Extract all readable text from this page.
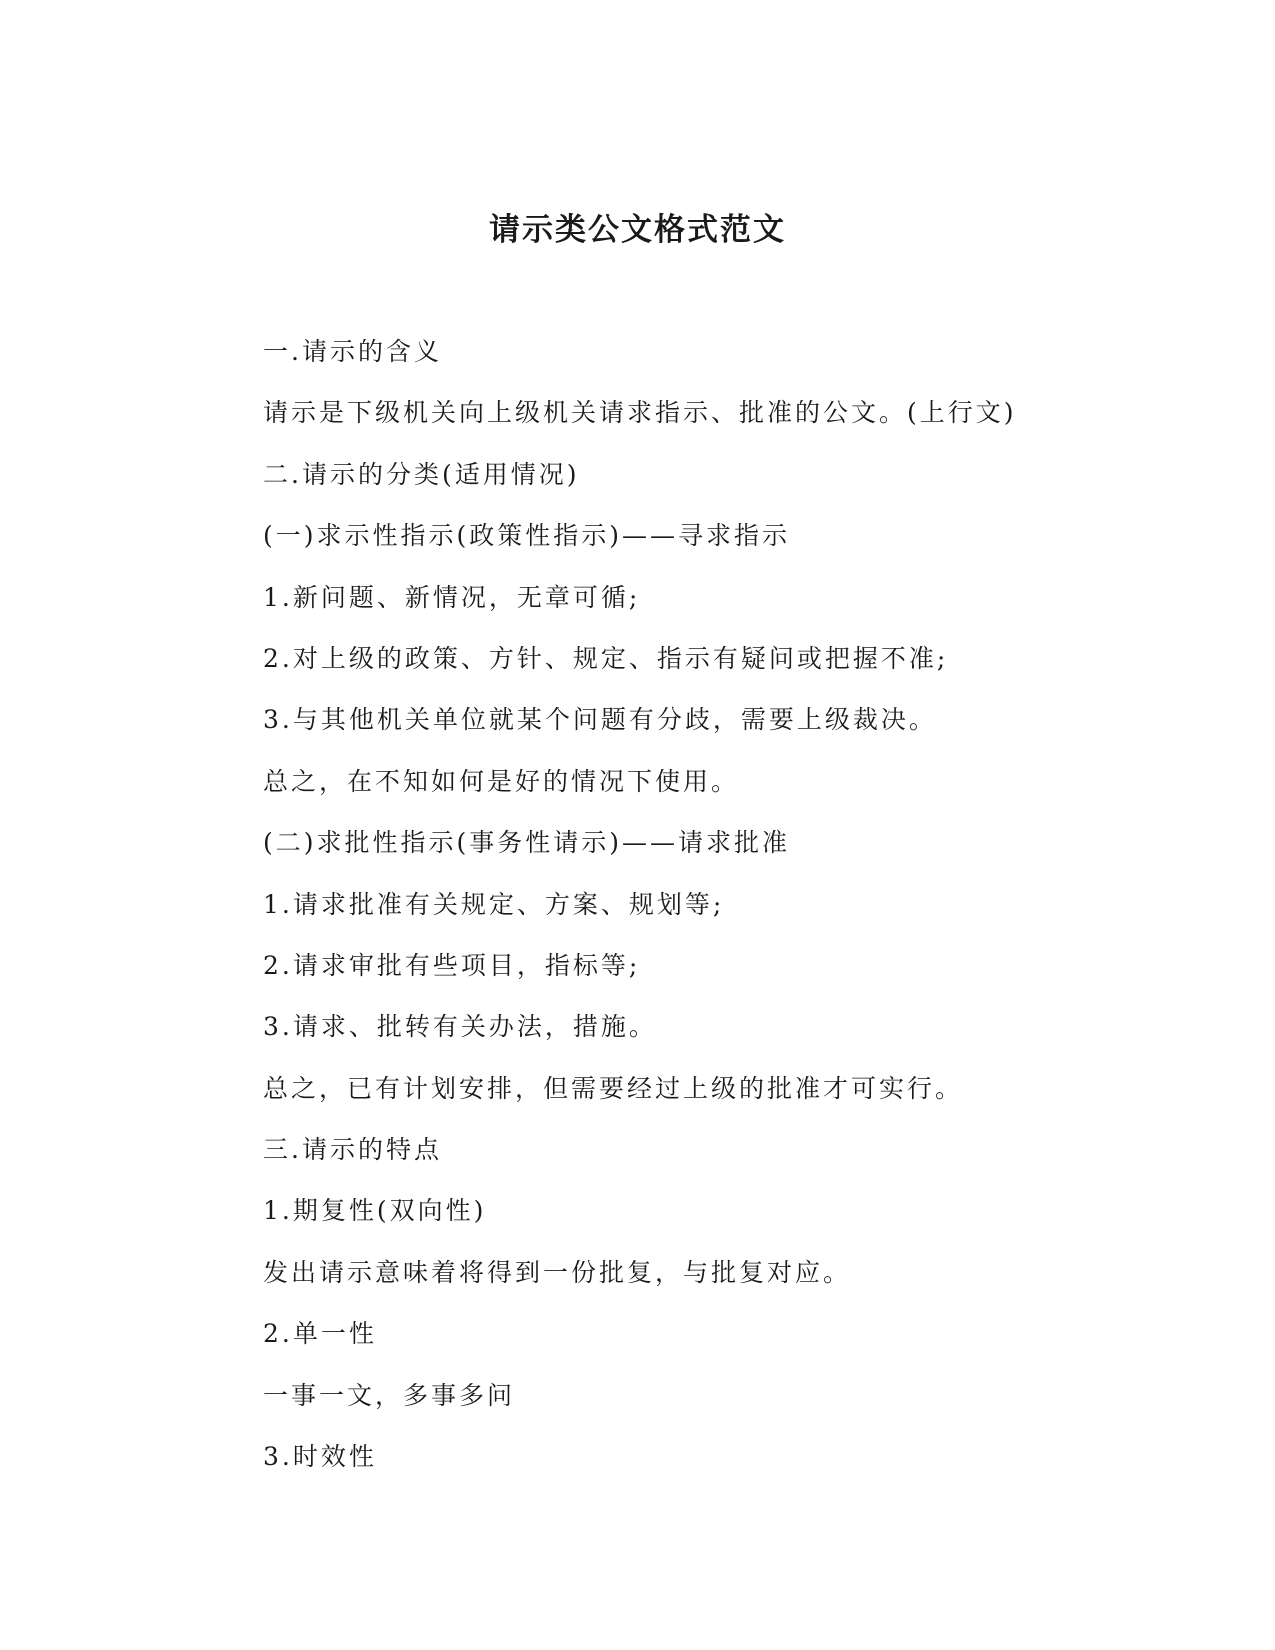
请示类公文格式范文

一.请示的含义

请示是下级机关向上级机关请求指示、批准的公文。(上行文)

二.请示的分类(适用情况)

(一)求示性指示(政策性指示)——寻求指示

1.新问题、新情况，无章可循;

2.对上级的政策、方针、规定、指示有疑问或把握不准;

3.与其他机关单位就某个问题有分歧，需要上级裁决。

总之，在不知如何是好的情况下使用。

(二)求批性指示(事务性请示)——请求批准

1.请求批准有关规定、方案、规划等;

2.请求审批有些项目，指标等;

3.请求、批转有关办法，措施。

总之，已有计划安排，但需要经过上级的批准才可实行。

三.请示的特点

1.期复性(双向性)

发出请示意味着将得到一份批复，与批复对应。

2.单一性

一事一文，多事多问

3.时效性
